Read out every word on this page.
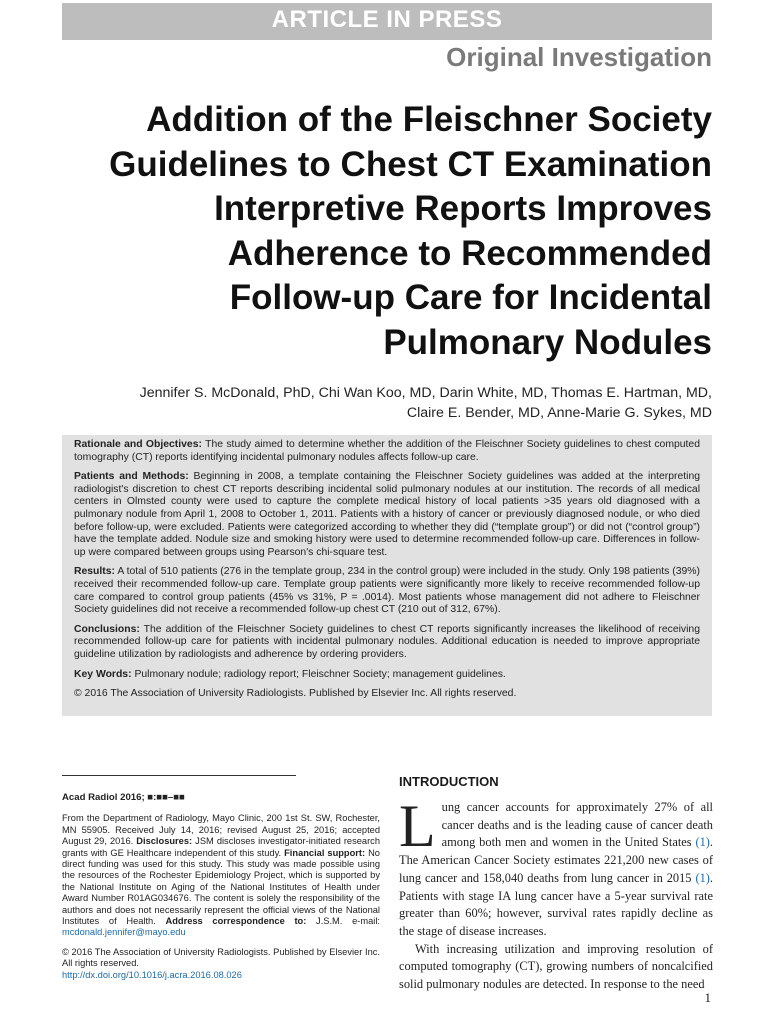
ARTICLE IN PRESS
Original Investigation
Addition of the Fleischner Society
Guidelines to Chest CT Examination
Interpretive Reports Improves
Adherence to Recommended
Follow-up Care for Incidental
Pulmonary Nodules
Jennifer S. McDonald, PhD, Chi Wan Koo, MD, Darin White, MD, Thomas E. Hartman, MD,
Claire E. Bender, MD, Anne-Marie G. Sykes, MD

Rationale and Objectives: The study aimed to determine whether the addition of the Fleischner Society guidelines to chest computed tomography (CT) reports identifying incidental pulmonary nodules affects follow-up care.

Patients and Methods: Beginning in 2008, a template containing the Fleischner Society guidelines was added at the interpreting radiologist's discretion to chest CT reports describing incidental solid pulmonary nodules at our institution. The records of all medical centers in Olmsted county were used to capture the complete medical history of local patients >35 years old diagnosed with a pulmonary nodule from April 1, 2008 to October 1, 2011. Patients with a history of cancer or previously diagnosed nodule, or who died before follow-up, were excluded. Patients were categorized according to whether they did (“template group”) or did not (“control group”) have the template added. Nodule size and smoking history were used to determine recommended follow-up care. Differences in follow-up were compared between groups using Pearson's chi-square test.

Results: A total of 510 patients (276 in the template group, 234 in the control group) were included in the study. Only 198 patients (39%) received their recommended follow-up care. Template group patients were significantly more likely to receive recommended follow-up care compared to control group patients (45% vs 31%, P = .0014). Most patients whose management did not adhere to Fleischner Society guidelines did not receive a recommended follow-up chest CT (210 out of 312, 67%).

Conclusions: The addition of the Fleischner Society guidelines to chest CT reports significantly increases the likelihood of receiving recommended follow-up care for patients with incidental pulmonary nodules. Additional education is needed to improve appropriate guideline utilization by radiologists and adherence by ordering providers.

Key Words: Pulmonary nodule; radiology report; Fleischner Society; management guidelines.

© 2016 The Association of University Radiologists. Published by Elsevier Inc. All rights reserved.

Acad Radiol 2016; ■:■■–■■

From the Department of Radiology, Mayo Clinic, 200 1st St. SW, Rochester, MN 55905. Received July 14, 2016; revised August 25, 2016; accepted August 29, 2016. Disclosures: JSM discloses investigator-initiated research grants with GE Healthcare independent of this study. Financial support: No direct funding was used for this study. This study was made possible using the resources of the Rochester Epidemiology Project, which is supported by the National Institute on Aging of the National Institutes of Health under Award Number R01AG034676. The content is solely the responsibility of the authors and does not necessarily represent the official views of the National Institutes of Health. Address correspondence to: J.S.M. e-mail: mcdonald.jennifer@mayo.edu

© 2016 The Association of University Radiologists. Published by Elsevier Inc. All rights reserved.
http://dx.doi.org/10.1016/j.acra.2016.08.026

INTRODUCTION

Lung cancer accounts for approximately 27% of all cancer deaths and is the leading cause of cancer death among both men and women in the United States (1). The American Cancer Society estimates 221,200 new cases of lung cancer and 158,040 deaths from lung cancer in 2015 (1). Patients with stage IA lung cancer have a 5-year survival rate greater than 60%; however, survival rates rapidly decline as the stage of disease increases.

With increasing utilization and improving resolution of computed tomography (CT), growing numbers of noncalcified solid pulmonary nodules are detected. In response to the need

1
